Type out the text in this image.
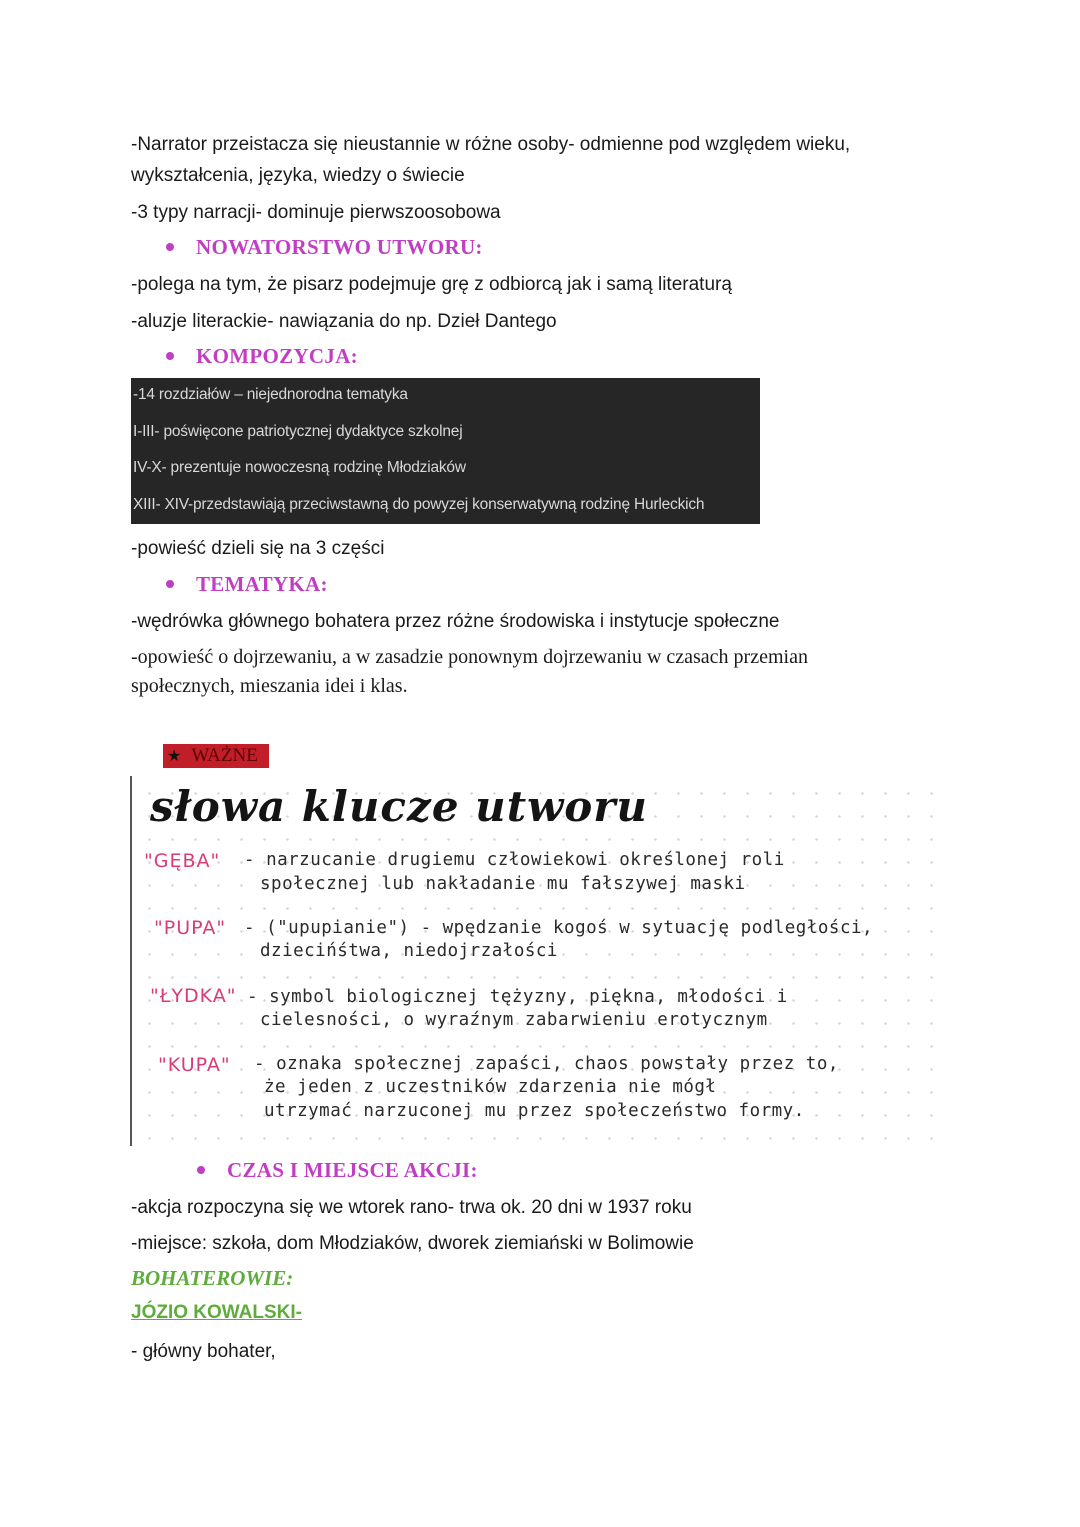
-Narrator przeistacza się nieustannie w różne osoby- odmienne pod względem wieku,
wykształcenia, języka, wiedzy o świecie
-3 typy narracji- dominuje pierwszoosobowa
NOWATORSTWO UTWORU:
-polega na tym, że pisarz podejmuje grę z odbiorcą jak i samą literaturą
-aluzje literackie- nawiązania do np. Dzieł Dantego
KOMPOZYCJA:
-14 rozdziałów – niejednorodna tematyka
I-III- poświęcone patriotycznej dydaktyce szkolnej
IV-X- prezentuje nowoczesną rodzinę Młodziaków
XIII- XIV-przedstawiają przeciwstawną do powyzej konserwatywną rodzinę Hurleckich
-powieść dzieli się na 3 części
TEMATYKA:
-wędrówka głównego bohatera przez różne środowiska i instytucje społeczne
-opowieść o dojrzewaniu, a w zasadzie ponownym dojrzewaniu w czasach przemian
społecznych, mieszania idei i klas.
★ WAŻNE
słowa klucze utworu
"GĘBA" - narzucanie drugiemu człowiekowi określonej roli
społecznej lub nakładanie mu fałszywej maski
"PUPA" - ("upupianie") - wpędzanie kogoś w sytuację podległości,
dziecińśtwa, niedojrzałości
"ŁYDKA" - symbol biologicznej tężyzny, piękna, młodości i
cielesności, o wyraźnym zabarwieniu erotycznym
"KUPA" - oznaka społecznej zapaści, chaos powstały przez to,
że jeden z uczestników zdarzenia nie mógł
utrzymać narzuconej mu przez społeczeństwo formy.
CZAS I MIEJSCE AKCJI:
-akcja rozpoczyna się we wtorek rano- trwa ok. 20 dni w 1937 roku
-miejsce: szkoła, dom Młodziaków, dworek ziemiański w Bolimowie
BOHATEROWIE:
JÓZIO KOWALSKI-
- główny bohater,
